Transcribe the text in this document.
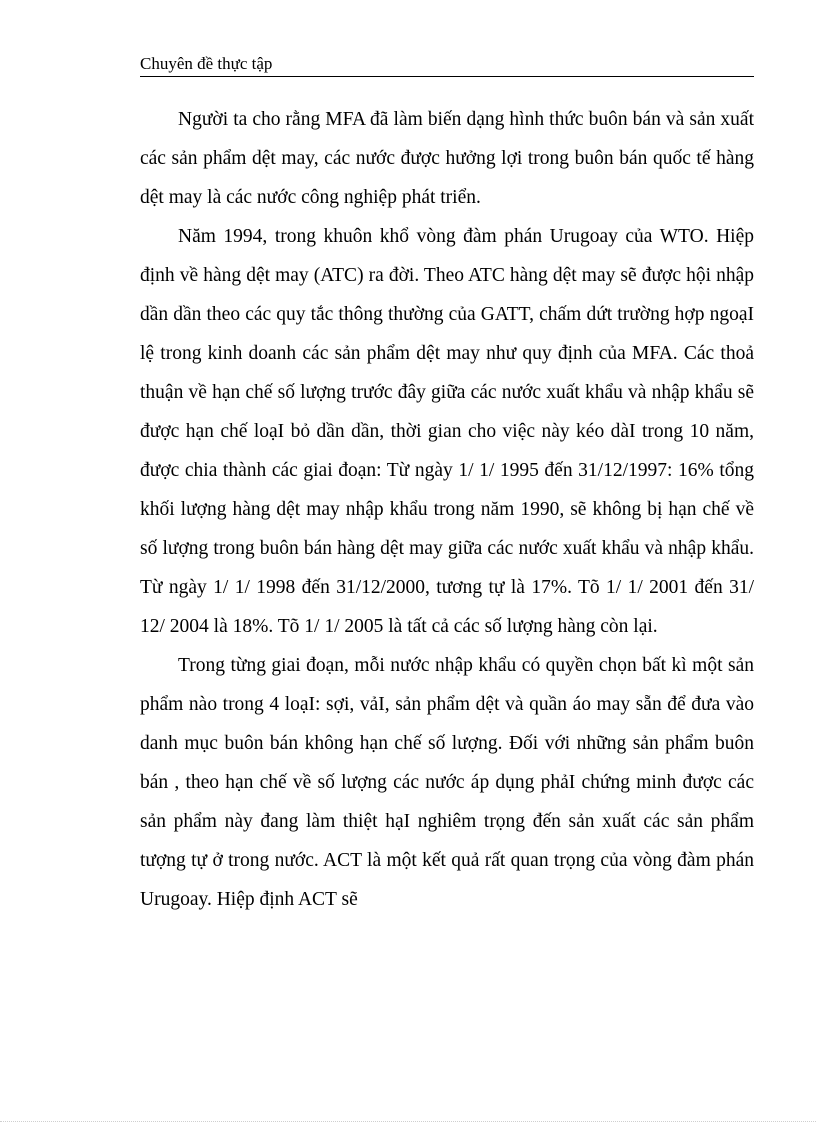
Chuyên đề thực tập

Người ta cho rằng MFA đã làm biến dạng hình thức buôn bán và sản xuất các sản phẩm dệt may, các nước được hưởng lợi trong buôn bán quốc tế hàng dệt may là các nước công nghiệp phát triển.

Năm 1994, trong khuôn khổ vòng đàm phán Urugoay của WTO. Hiệp định về hàng dệt may (ATC) ra đời. Theo ATC hàng dệt may sẽ được hội nhập dần dần theo các quy tắc thông thường của GATT, chấm dứt trường hợp ngoạI lệ trong kinh doanh các sản phẩm dệt may như quy định của MFA. Các thoả thuận về hạn chế số lượng trước đây giữa các nước xuất khẩu và nhập khẩu sẽ được hạn chế loạI bỏ dần dần, thời gian cho việc này kéo dàI trong 10 năm, được chia thành các giai đoạn: Từ ngày 1/ 1/ 1995 đến 31/12/1997: 16% tổng khối lượng hàng dệt may nhập khẩu trong năm 1990, sẽ không bị hạn chế về số lượng trong buôn bán hàng dệt may giữa các nước xuất khẩu và nhập khẩu. Từ ngày 1/ 1/ 1998 đến 31/12/2000, tương tự là 17%. Tõ 1/ 1/ 2001 đến 31/ 12/ 2004 là 18%. Tõ 1/ 1/ 2005 là tất cả các số lượng hàng còn lại.

Trong từng giai đoạn, mỗi nước nhập khẩu có quyền chọn bất kì một sản phẩm nào trong 4 loạI: sợi, vảI, sản phẩm dệt và quần áo may sẵn để đưa vào danh mục buôn bán không hạn chế số lượng. Đối với những sản phẩm buôn bán , theo hạn chế về số lượng các nước áp dụng phảI chứng minh được các sản phẩm này đang làm thiệt hạI nghiêm trọng đến sản xuất các sản phẩm tượng tự ở trong nước. ACT là một kết quả rất quan trọng của vòng đàm phán Urugoay. Hiệp định ACT sẽ
